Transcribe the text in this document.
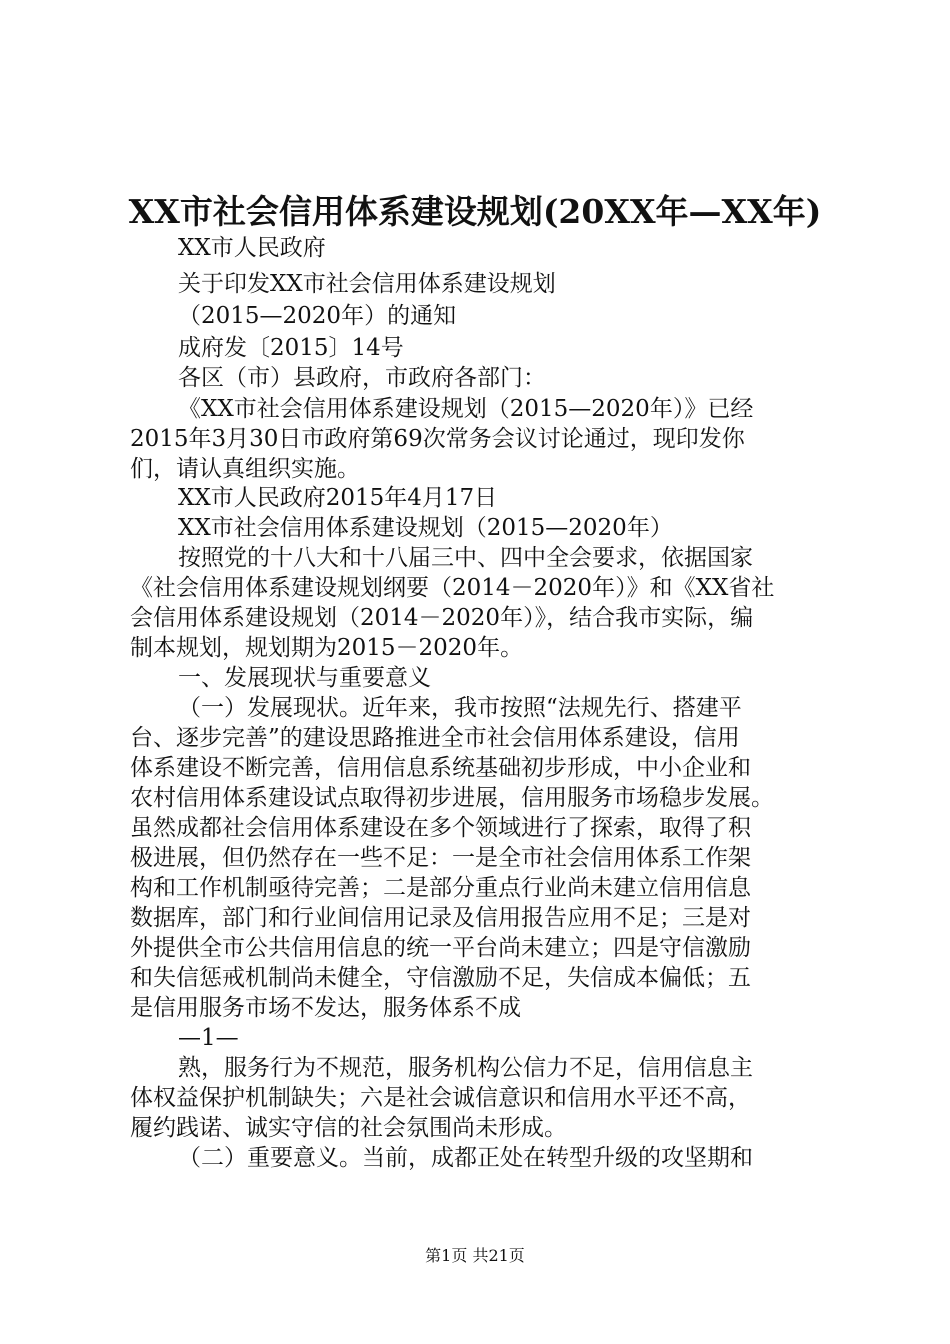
XX市社会信用体系建设规划(20XX年—XX年)
XX市人民政府
关于印发XX市社会信用体系建设规划
（2015—2020年）的通知
成府发〔2015〕14号
各区（市）县政府，市政府各部门：
《XX市社会信用体系建设规划（2015—2020年）》已经
2015年3月30日市政府第69次常务会议讨论通过，现印发你
们，请认真组织实施。
XX市人民政府2015年4月17日
XX市社会信用体系建设规划（2015—2020年）
按照党的十八大和十八届三中、四中全会要求，依据国家
《社会信用体系建设规划纲要（2014－2020年）》和《XX省社
会信用体系建设规划（2014－2020年）》，结合我市实际，编
制本规划，规划期为2015－2020年。
一、发展现状与重要意义
（一）发展现状。近年来，我市按照“法规先行、搭建平
台、逐步完善”的建设思路推进全市社会信用体系建设，信用
体系建设不断完善，信用信息系统基础初步形成，中小企业和
农村信用体系建设试点取得初步进展，信用服务市场稳步发展。
虽然成都社会信用体系建设在多个领域进行了探索，取得了积
极进展，但仍然存在一些不足：一是全市社会信用体系工作架
构和工作机制亟待完善；二是部分重点行业尚未建立信用信息
数据库，部门和行业间信用记录及信用报告应用不足；三是对
外提供全市公共信用信息的统一平台尚未建立；四是守信激励
和失信惩戒机制尚未健全，守信激励不足，失信成本偏低；五
是信用服务市场不发达，服务体系不成
—1—
熟，服务行为不规范，服务机构公信力不足，信用信息主
体权益保护机制缺失；六是社会诚信意识和信用水平还不高，
履约践诺、诚实守信的社会氛围尚未形成。
（二）重要意义。当前，成都正处在转型升级的攻坚期和
第1页 共21页
